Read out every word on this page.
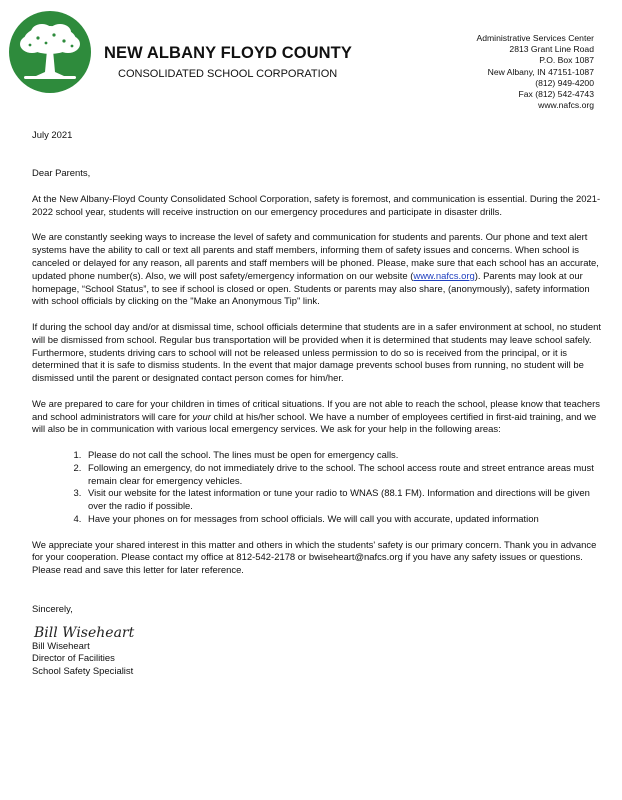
NEW ALBANY FLOYD COUNTY
CONSOLIDATED SCHOOL CORPORATION
Administrative Services Center
2813 Grant Line Road
P.O. Box 1087
New Albany, IN 47151-1087
(812) 949-4200
Fax (812) 542-4743
www.nafcs.org

July 2021

Dear Parents,

At the New Albany-Floyd County Consolidated School Corporation, safety is foremost, and communication is essential. During the 2021-2022 school year, students will receive instruction on our emergency procedures and participate in disaster drills.

We are constantly seeking ways to increase the level of safety and communication for students and parents. Our phone and text alert systems have the ability to call or text all parents and staff members, informing them of safety issues and concerns. When school is canceled or delayed for any reason, all parents and staff members will be phoned. Please, make sure that each school has an accurate, updated phone number(s). Also, we will post safety/emergency information on our website (www.nafcs.org). Parents may look at our homepage, “School Status”, to see if school is closed or open. Students or parents may also share, (anonymously), safety information with school officials by clicking on the "Make an Anonymous Tip" link.

If during the school day and/or at dismissal time, school officials determine that students are in a safer environment at school, no student will be dismissed from school. Regular bus transportation will be provided when it is determined that students may leave school safely. Furthermore, students driving cars to school will not be released unless permission to do so is received from the principal, or it is determined that it is safe to dismiss students. In the event that major damage prevents school buses from running, no student will be dismissed until the parent or designated contact person comes for him/her.

We are prepared to care for your children in times of critical situations. If you are not able to reach the school, please know that teachers and school administrators will care for your child at his/her school. We have a number of employees certified in first-aid training, and we will also be in communication with various local emergency services. We ask for your help in the following areas:

1. Please do not call the school. The lines must be open for emergency calls.
2. Following an emergency, do not immediately drive to the school. The school access route and street entrance areas must remain clear for emergency vehicles.
3. Visit our website for the latest information or tune your radio to WNAS (88.1 FM). Information and directions will be given over the radio if possible.
4. Have your phones on for messages from school officials. We will call you with accurate, updated information

We appreciate your shared interest in this matter and others in which the students' safety is our primary concern. Thank you in advance for your cooperation. Please contact my office at 812-542-2178 or bwiseheart@nafcs.org if you have any safety issues or questions. Please read and save this letter for later reference.

Sincerely,
Bill Wiseheart
Bill Wiseheart
Director of Facilities
School Safety Specialist
